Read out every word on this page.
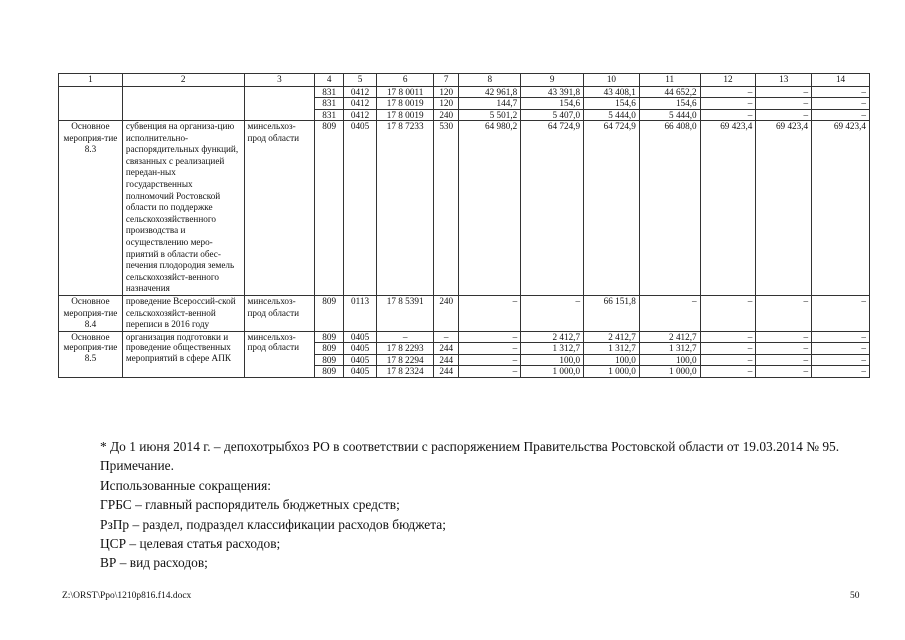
1	2	3	4	5	6	7	8	9	10	11	12	13	14
			831	0412	17 8 0011	120	42 961,8	43 391,8	43 408,1	44 652,2	–	–	–
			831	0412	17 8 0019	120	144,7	154,6	154,6	154,6	–	–	–
			831	0412	17 8 0019	240	5 501,2	5 407,0	5 444,0	5 444,0	–	–	–
Основное мероприя-тие 8.3	субвенция на организа-цию исполнительно-распорядительных функций, связанных с реализацией передан-ных государственных полномочий Ростовской области по поддержке сельскохозяйственного производства и осуществлению меро-приятий в области обес-печения плодородия земель сельскохозяйст-венного назначения	минсельхоз-прод области	809	0405	17 8 7233	530	64 980,2	64 724,9	64 724,9	66 408,0	69 423,4	69 423,4	69 423,4
Основное мероприя-тие 8.4	проведение Всероссий-ской сельскохозяйст-венной переписи в 2016 году	минсельхоз-прод области	809	0113	17 8 5391	240	–	–	66 151,8	–	–	–	–
Основное мероприя-тие 8.5	организация подготовки и проведение общественных мероприятий в сфере АПК	минсельхоз-прод области	809	0405	–	–	–	2 412,7	2 412,7	2 412,7	–	–	–
			809	0405	17 8 2293	244	–	1 312,7	1 312,7	1 312,7	–	–	–
			809	0405	17 8 2294	244	–	100,0	100,0	100,0	–	–	–
			809	0405	17 8 2324	244	–	1 000,0	1 000,0	1 000,0	–	–	–

* До 1 июня 2014 г. – депохотрыбхоз РО в соответствии с распоряжением Правительства Ростовской области от 19.03.2014 № 95.

Примечание.

Использованные сокращения:

ГРБС – главный распорядитель бюджетных средств;

РзПр – раздел, подраздел классификации расходов бюджета;

ЦСР – целевая статья расходов;

ВР – вид расходов;

Z:\ORST\Ppo\1210p816.f14.docx	50
